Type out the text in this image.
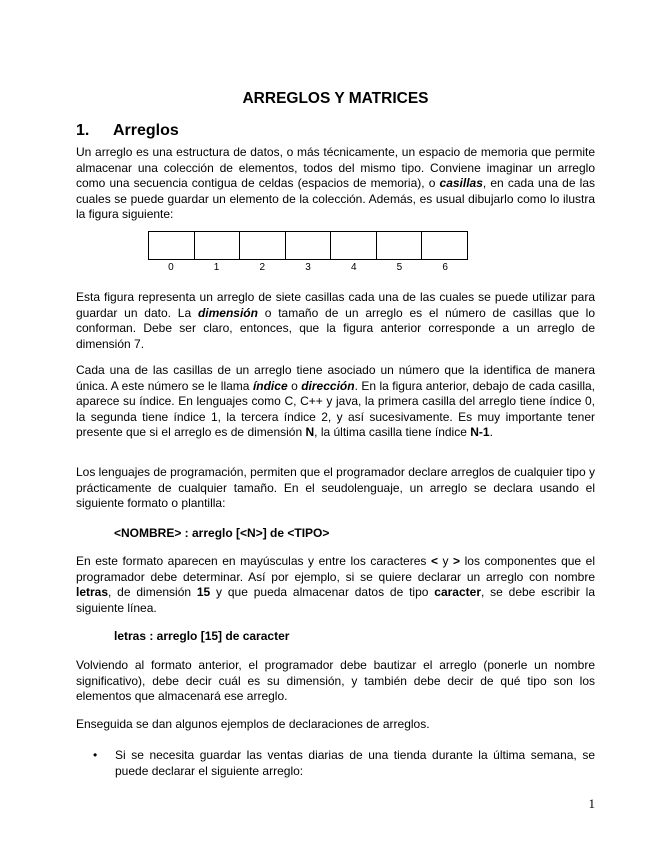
ARREGLOS Y MATRICES
1. Arreglos

Un arreglo es una estructura de datos, o más técnicamente, un espacio de memoria que permite almacenar una colección de elementos, todos del mismo tipo. Conviene imaginar un arreglo como una secuencia contigua de celdas (espacios de memoria), o casillas, en cada una de las cuales se puede guardar un elemento de la colección. Además, es usual dibujarlo como lo ilustra la figura siguiente:

0	1	2	3	4	5	6

Esta figura representa un arreglo de siete casillas cada una de las cuales se puede utilizar para guardar un dato. La dimensión o tamaño de un arreglo es el número de casillas que lo conforman. Debe ser claro, entonces, que la figura anterior corresponde a un arreglo de dimensión 7.

Cada una de las casillas de un arreglo tiene asociado un número que la identifica de manera única. A este número se le llama índice o dirección. En la figura anterior, debajo de cada casilla, aparece su índice. En lenguajes como C, C++ y java, la primera casilla del arreglo tiene índice 0, la segunda tiene índice 1, la tercera índice 2, y así sucesivamente. Es muy importante tener presente que si el arreglo es de dimensión N, la última casilla tiene índice N-1.

Los lenguajes de programación, permiten que el programador declare arreglos de cualquier tipo y prácticamente de cualquier tamaño. En el seudolenguaje, un arreglo se declara usando el siguiente formato o plantilla:

<NOMBRE> : arreglo [<N>] de <TIPO>

En este formato aparecen en mayúsculas y entre los caracteres < y > los componentes que el programador debe determinar. Así por ejemplo, si se quiere declarar un arreglo con nombre letras, de dimensión 15 y que pueda almacenar datos de tipo caracter, se debe escribir la siguiente línea.

letras : arreglo [15] de caracter

Volviendo al formato anterior, el programador debe bautizar el arreglo (ponerle un nombre significativo), debe decir cuál es su dimensión, y también debe decir de qué tipo son los elementos que almacenará ese arreglo.

Enseguida se dan algunos ejemplos de declaraciones de arreglos.

• Si se necesita guardar las ventas diarias de una tienda durante la última semana, se puede declarar el siguiente arreglo:
1
